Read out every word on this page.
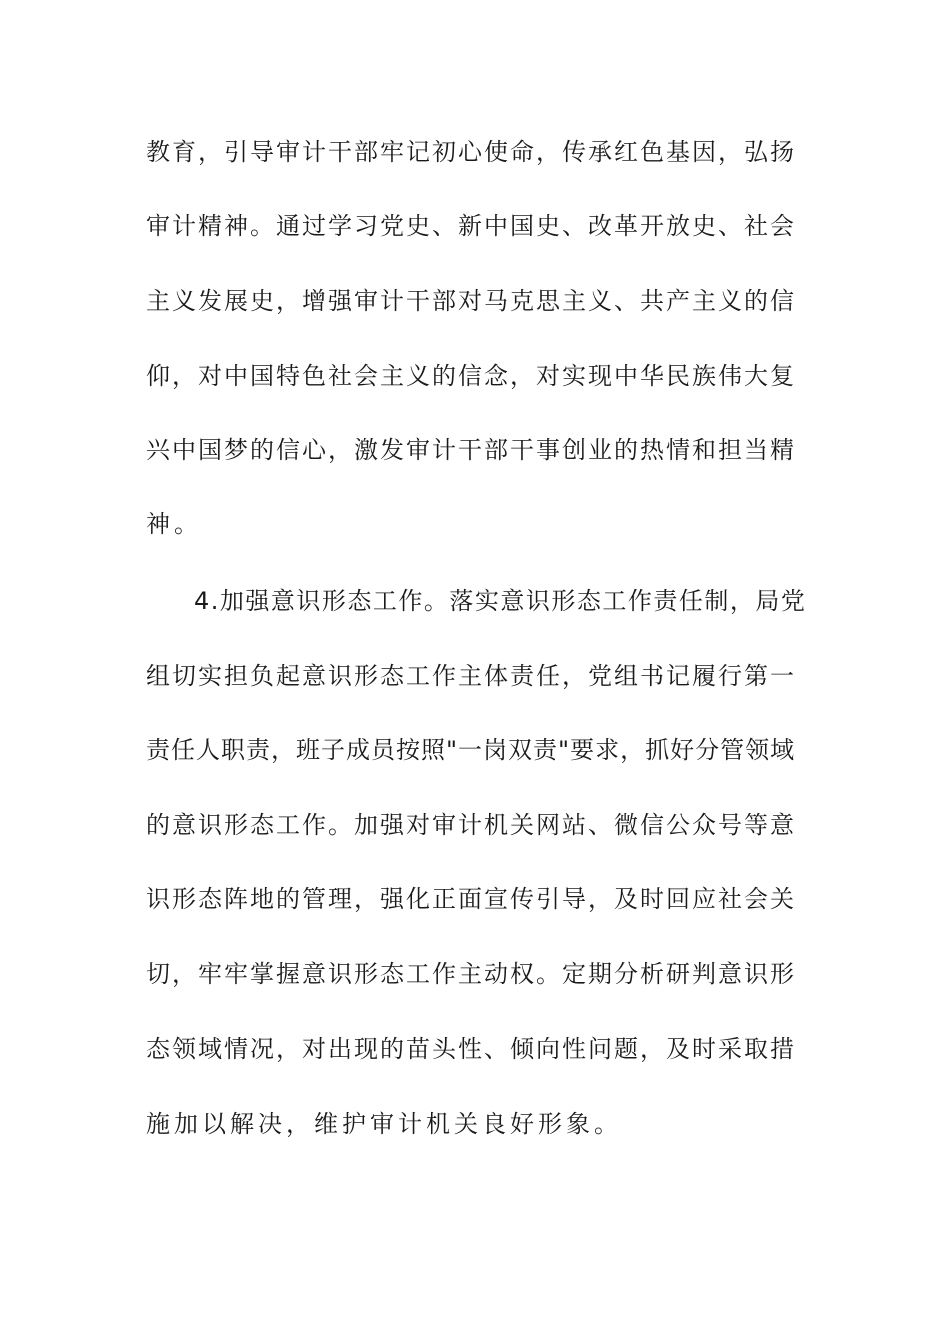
教育，引导审计干部牢记初心使命，传承红色基因，弘扬
审计精神。通过学习党史、新中国史、改革开放史、社会
主义发展史，增强审计干部对马克思主义、共产主义的信
仰，对中国特色社会主义的信念，对实现中华民族伟大复
兴中国梦的信心，激发审计干部干事创业的热情和担当精
神。
4.加强意识形态工作。落实意识形态工作责任制，局党
组切实担负起意识形态工作主体责任，党组书记履行第一
责任人职责，班子成员按照"一岗双责"要求，抓好分管领域
的意识形态工作。加强对审计机关网站、微信公众号等意
识形态阵地的管理，强化正面宣传引导，及时回应社会关
切，牢牢掌握意识形态工作主动权。定期分析研判意识形
态领域情况，对出现的苗头性、倾向性问题，及时采取措
施加以解决，维护审计机关良好形象。
